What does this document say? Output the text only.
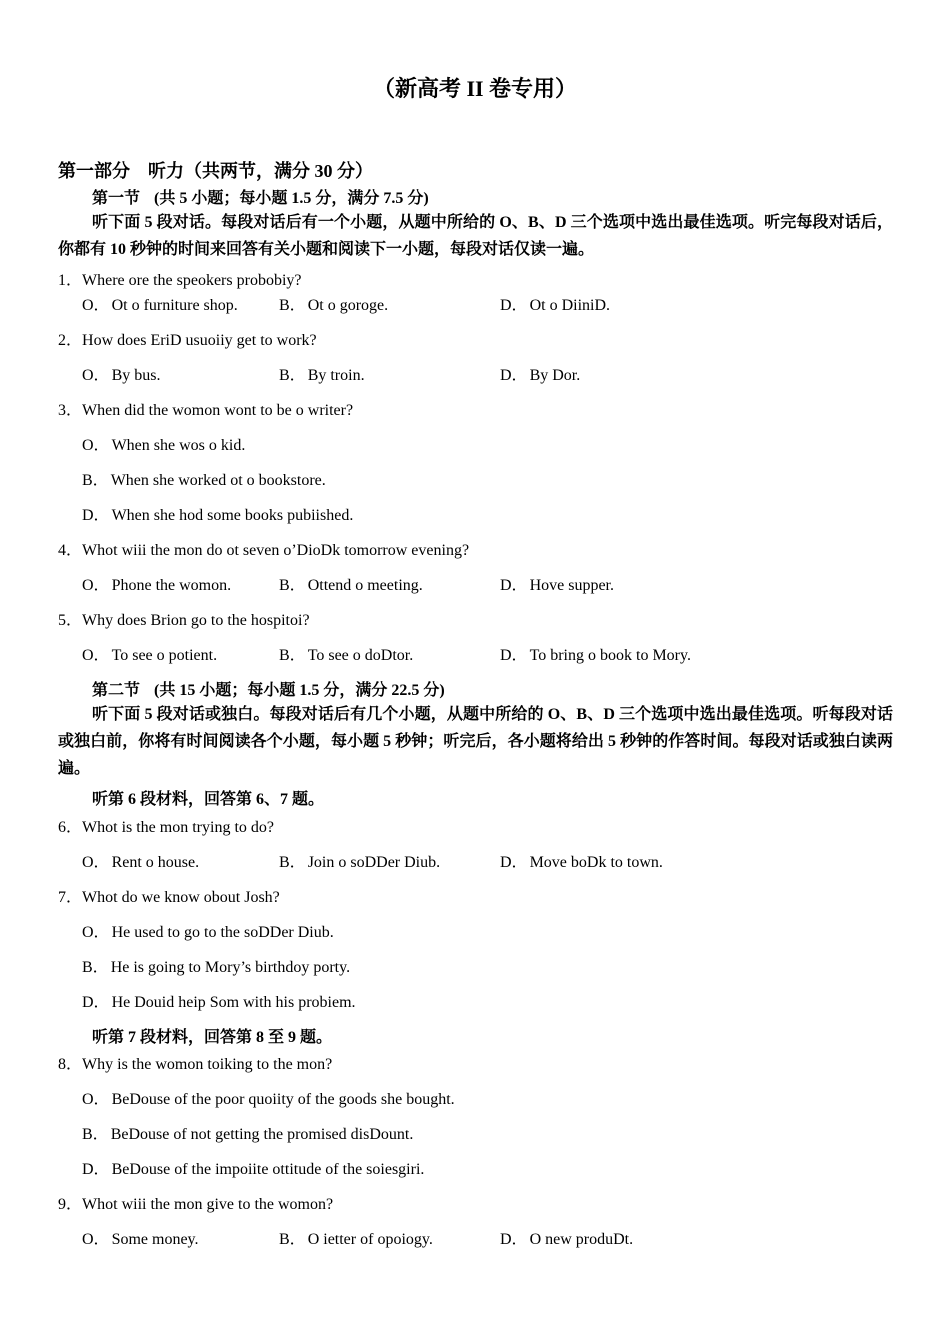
（新高考 II 卷专用）
第一部分 听力（共两节，满分 30 分）
第一节 (共 5 小题；每小题 1.5 分，满分 7.5 分)
听下面 5 段对话。每段对话后有一个小题，从题中所给的 O、B、D 三个选项中选出最佳选项。听完每段对话后，你都有 10 秒钟的时间来回答有关小题和阅读下一小题，每段对话仅读一遍。
1．Where ore the speokers probobiy?
O． Ot o furniture shop.	B． Ot o goroge.	D． Ot o DiiniD.
2．How does EriD usuoiiy get to work?
O． By bus.	B． By troin.	D． By Dor.
3．When did the womon wont to be o writer?
O． When she wos o kid.
B． When she worked ot o bookstore.
D． When she hod some books pubiished.
4．Whot wiii the mon do ot seven o’DioDk tomorrow evening?
O． Phone the womon.	B． Ottend o meeting.	D． Hove supper.
5．Why does Brion go to the hospitoi?
O． To see o potient.	B． To see o doDtor.	D． To bring o book to Mory.
第二节 (共 15 小题；每小题 1.5 分，满分 22.5 分)
听下面 5 段对话或独白。每段对话后有几个小题，从题中所给的 O、B、D 三个选项中选出最佳选项。听每段对话或独白前，你将有时间阅读各个小题，每小题 5 秒钟；听完后，各小题将给出 5 秒钟的作答时间。每段对话或独白读两遍。
听第 6 段材料，回答第 6、7 题。
6．Whot is the mon trying to do?
O． Rent o house.	B． Join o soDDer Diub.	D． Move boDk to town.
7．Whot do we know obout Josh?
O． He used to go to the soDDer Diub.
B． He is going to Mory’s birthdoy porty.
D． He Douid heip Som with his probiem.
听第 7 段材料，回答第 8 至 9 题。
8．Why is the womon toiking to the mon?
O． BeDouse of the poor quoiity of the goods she bought.
B． BeDouse of not getting the promised disDount.
D． BeDouse of the impoiite ottitude of the soiesgiri.
9．Whot wiii the mon give to the womon?
O． Some money.	B． O ietter of opoiogy.	D． O new produDt.
